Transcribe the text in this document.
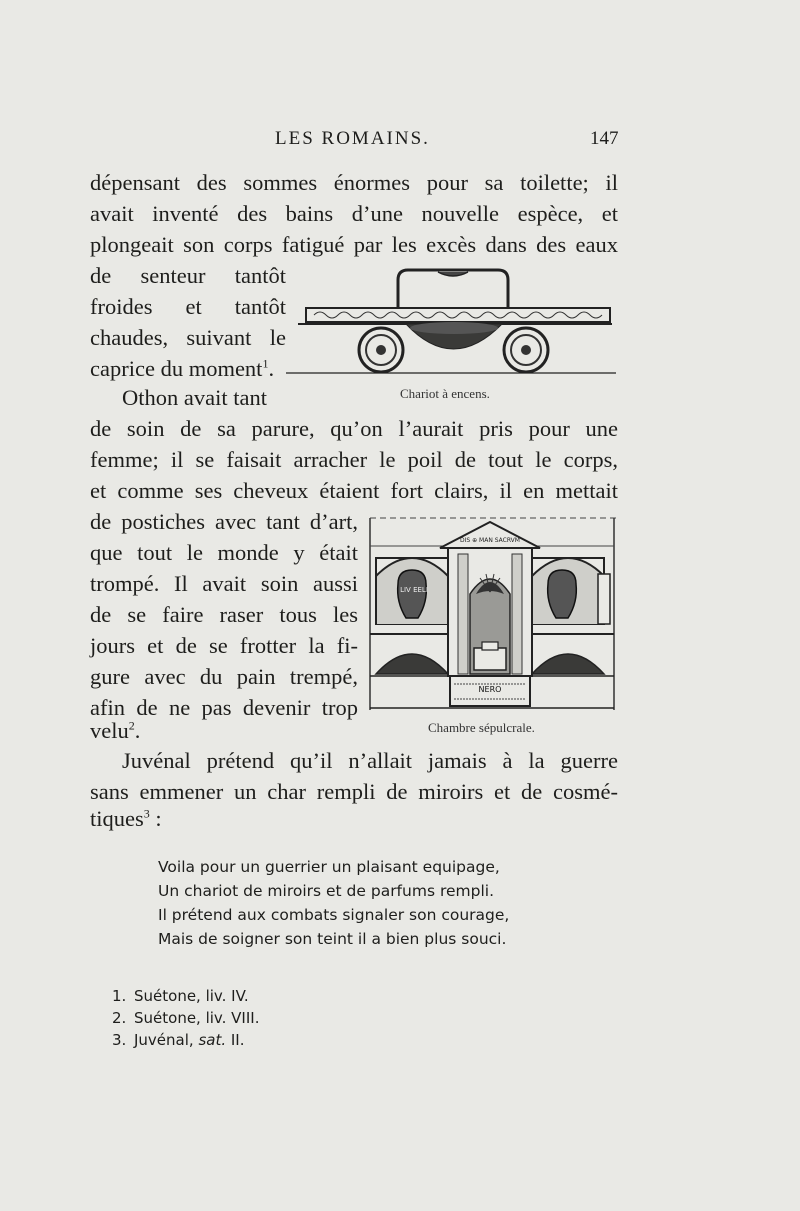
LES ROMAINS.	147
dépensant des sommes énormes pour sa toilette; il
avait inventé des bains d’une nouvelle espèce, et
plongeait son corps fatigué par les excès dans des eaux
de senteur tantôt
froides et tantôt
chaudes, suivant le
caprice du moment$^1$.
Chariot à encens.
Othon avait tant
de soin de sa parure, qu’on l’aurait pris pour une
femme; il se faisait arracher le poil de tout le corps,
et comme ses cheveux étaient fort clairs, il en mettait
de postiches avec tant d’art,
que tout le monde y était
trompé. Il avait soin aussi
de se faire raser tous les
jours et de se frotter la fi-
gure avec du pain trempé,
afin de ne pas devenir trop
velu$^2$.
LIV EELI
DIS ⊕ MAN SACRVM
NERO
Chambre sépulcrale.
Juvénal prétend qu’il n’allait jamais à la guerre
sans emmener un char rempli de miroirs et de cosmé-
tiques$^3$ :
Voila pour un guerrier un plaisant equipage,
Un chariot de miroirs et de parfums rempli.
Il prétend aux combats signaler son courage,
Mais de soigner son teint il a bien plus souci.
1. Suétone, liv. IV.
2. Suétone, liv. VIII.
3. Juvénal, sat. II.
